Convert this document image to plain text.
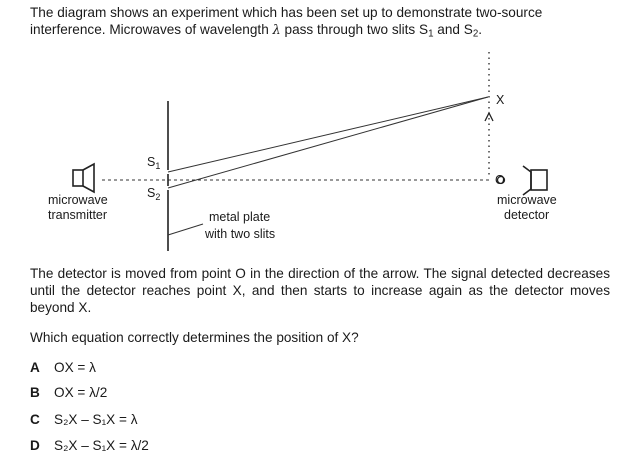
The diagram shows an experiment which has been set up to demonstrate two-source
interference. Microwaves of wavelength λ pass through two slits $S_1$ and $S_2$.

$S_1$
$S_2$
X
O
microwave
transmitter	metal plate
with two slits
microwave
detector

The detector is moved from point O in the direction of the arrow. The signal detected decreases until the detector reaches point X, and then starts to increase again as the detector moves beyond X.

Which equation correctly determines the position of X?

A OX = λ
B OX = λ/2
C S₂X – S₁X = λ
D S₂X – S₁X = λ/2
